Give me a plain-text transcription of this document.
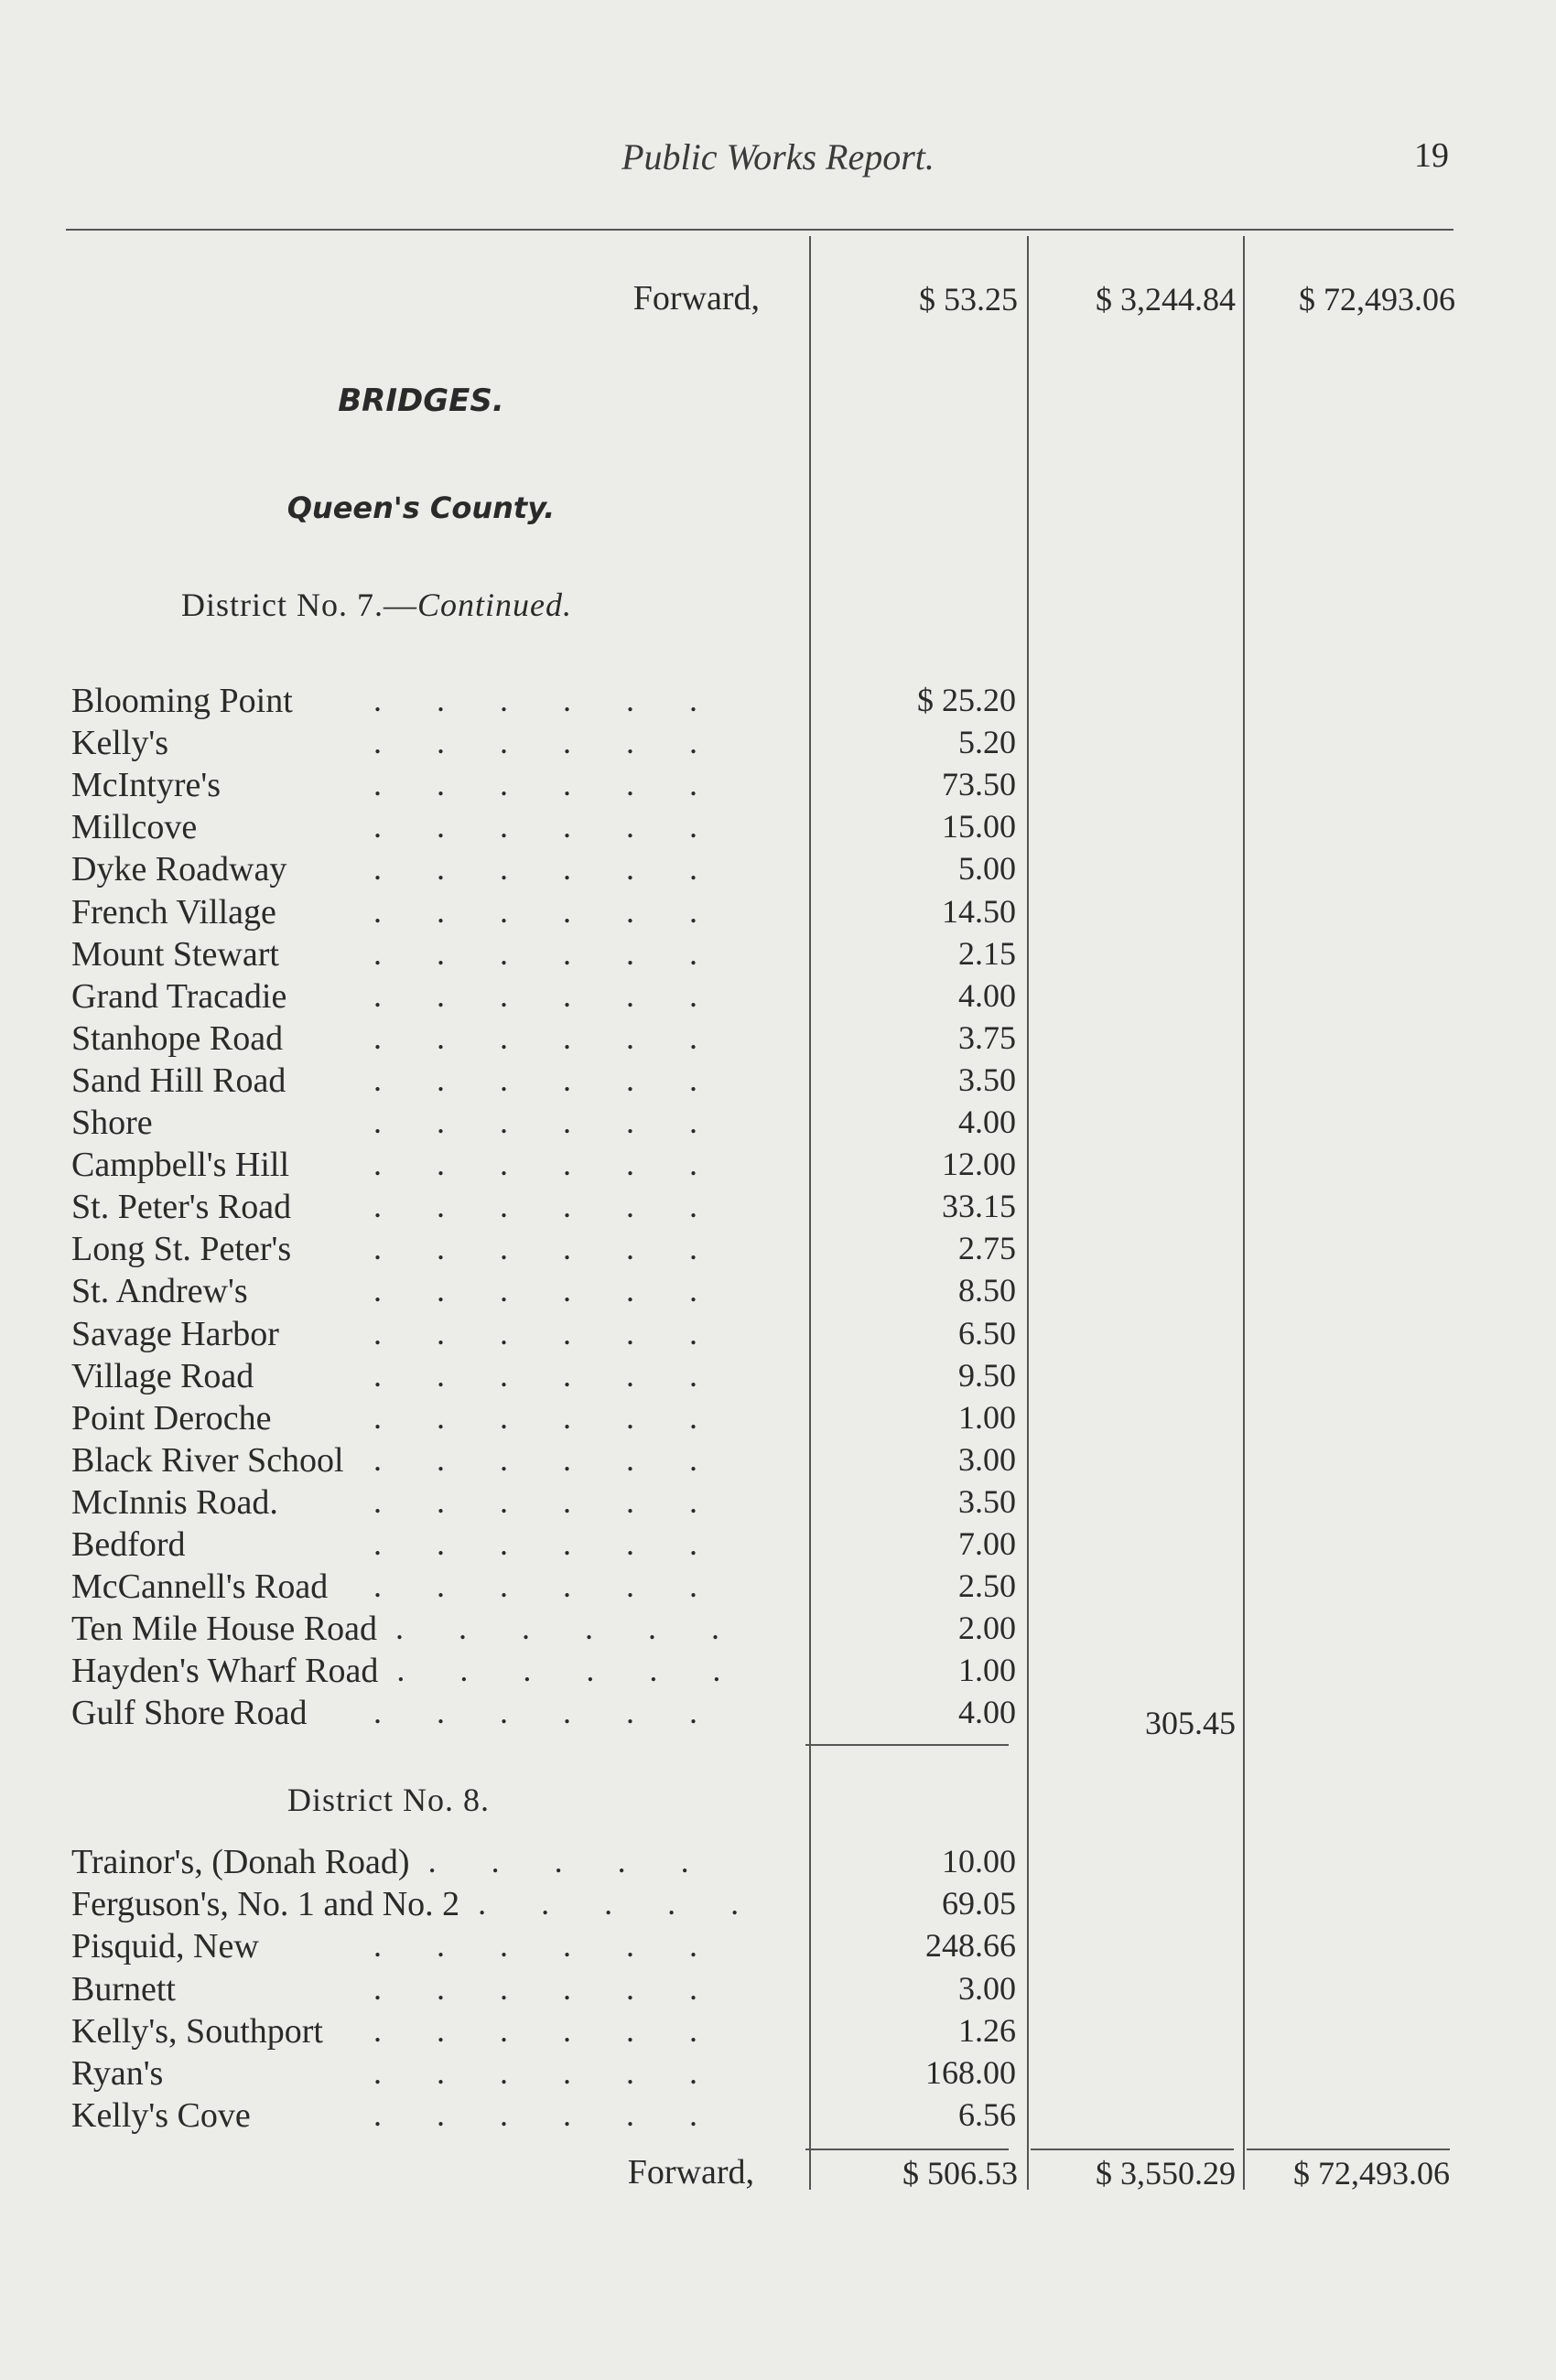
Public Works Report.	19
Forward,	$ 53.25	$ 3,244.84	$ 72,493.06
BRIDGES.
Queen's County.
District No. 7.—Continued.
Blooming Point ......	$ 25.20
Kelly's	......	5.20
McIntyre's	......	73.50
Millcove	......	15.00
Dyke Roadway	......	5.00
French Village	......	14.50
Mount Stewart	......	2.15
Grand Tracadie	......	4.00
Stanhope Road	......	3.75
Sand Hill Road	......	3.50
Shore	......	4.00
Campbell's Hill	......	12.00
St. Peter's Road ......	33.15
Long St. Peter's ......	2.75
St. Andrew's	......	8.50
Savage Harbor	......	6.50
Village Road	......	9.50
Point Deroche	......	1.00
Black River School ......	3.00
McInnis Road.	......	3.50
Bedford	......	7.00
McCannell's Road ......	2.50
Ten Mile House Road ......	2.00
Hayden's Wharf Road ......	1.00
Gulf Shore Road ......	4.00	305.45
District No. 8.
Trainor's, (Donah Road) .....	10.00
Ferguson's, No. 1 and No. 2 .....	69.05
Pisquid, New	......	248.66
Burnett	......	3.00
Kelly's, Southport ......	1.26
Ryan's	......	168.00
Kelly's Cove	......	6.56
Forward,	$ 506.53	$ 3,550.29	$ 72,493.06
